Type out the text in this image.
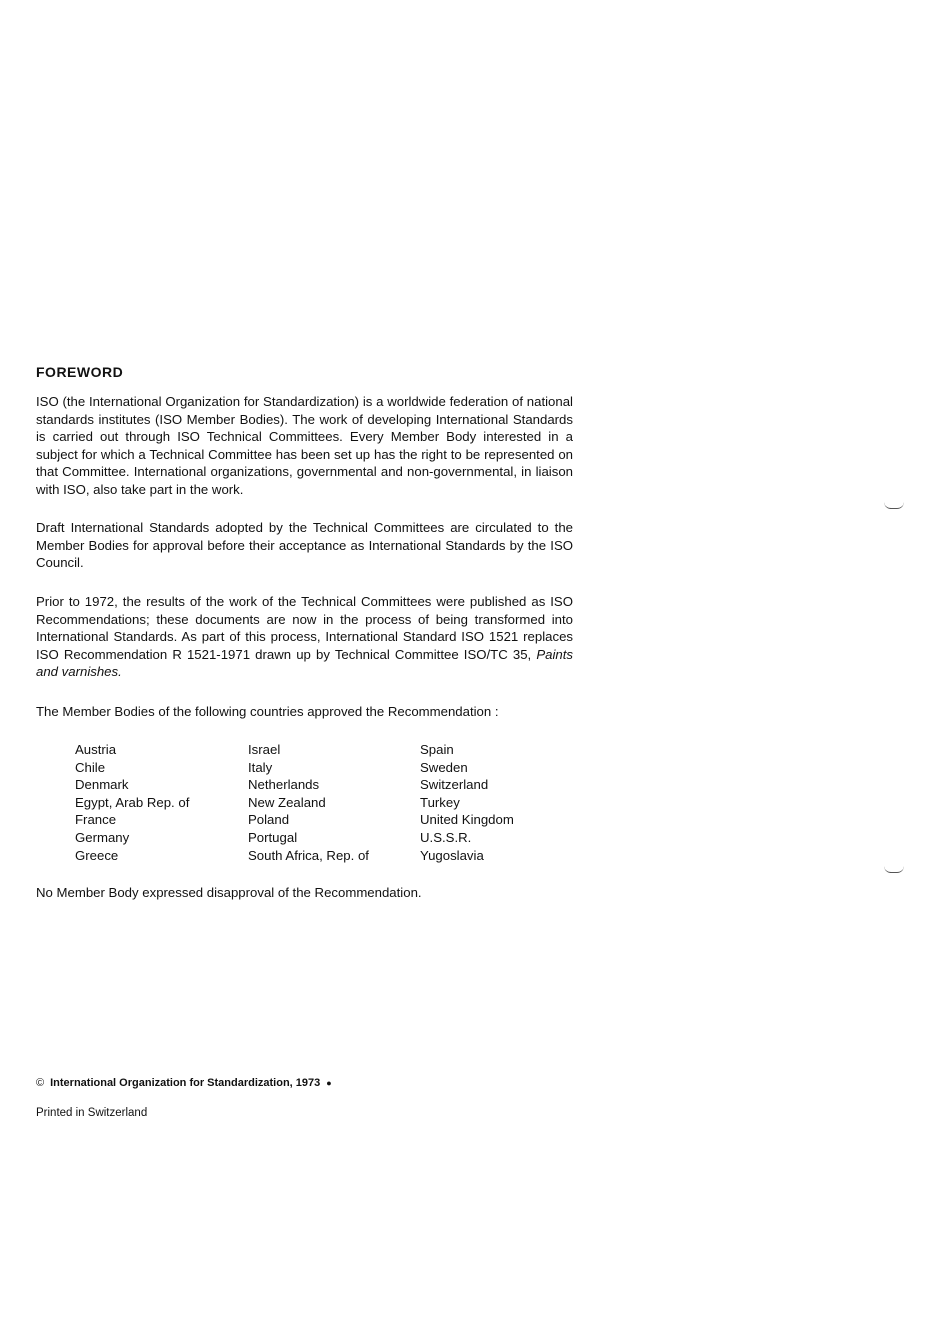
FOREWORD

ISO (the International Organization for Standardization) is a worldwide federation of national standards institutes (ISO Member Bodies). The work of developing International Standards is carried out through ISO Technical Committees. Every Member Body interested in a subject for which a Technical Committee has been set up has the right to be represented on that Committee. International organizations, governmental and non-governmental, in liaison with ISO, also take part in the work.

Draft International Standards adopted by the Technical Committees are circulated to the Member Bodies for approval before their acceptance as International Standards by the ISO Council.

Prior to 1972, the results of the work of the Technical Committees were published as ISO Recommendations; these documents are now in the process of being transformed into International Standards. As part of this process, International Standard ISO 1521 replaces ISO Recommendation R 1521-1971 drawn up by Technical Committee ISO/TC 35, Paints and varnishes.

The Member Bodies of the following countries approved the Recommendation :

Austria
Chile
Denmark
Egypt, Arab Rep. of
France
Germany
Greece
Israel
Italy
Netherlands
New Zealand
Poland
Portugal
South Africa, Rep. of
Spain
Sweden
Switzerland
Turkey
United Kingdom
U.S.S.R.
Yugoslavia

No Member Body expressed disapproval of the Recommendation.

© International Organization for Standardization, 1973 ●
Printed in Switzerland
